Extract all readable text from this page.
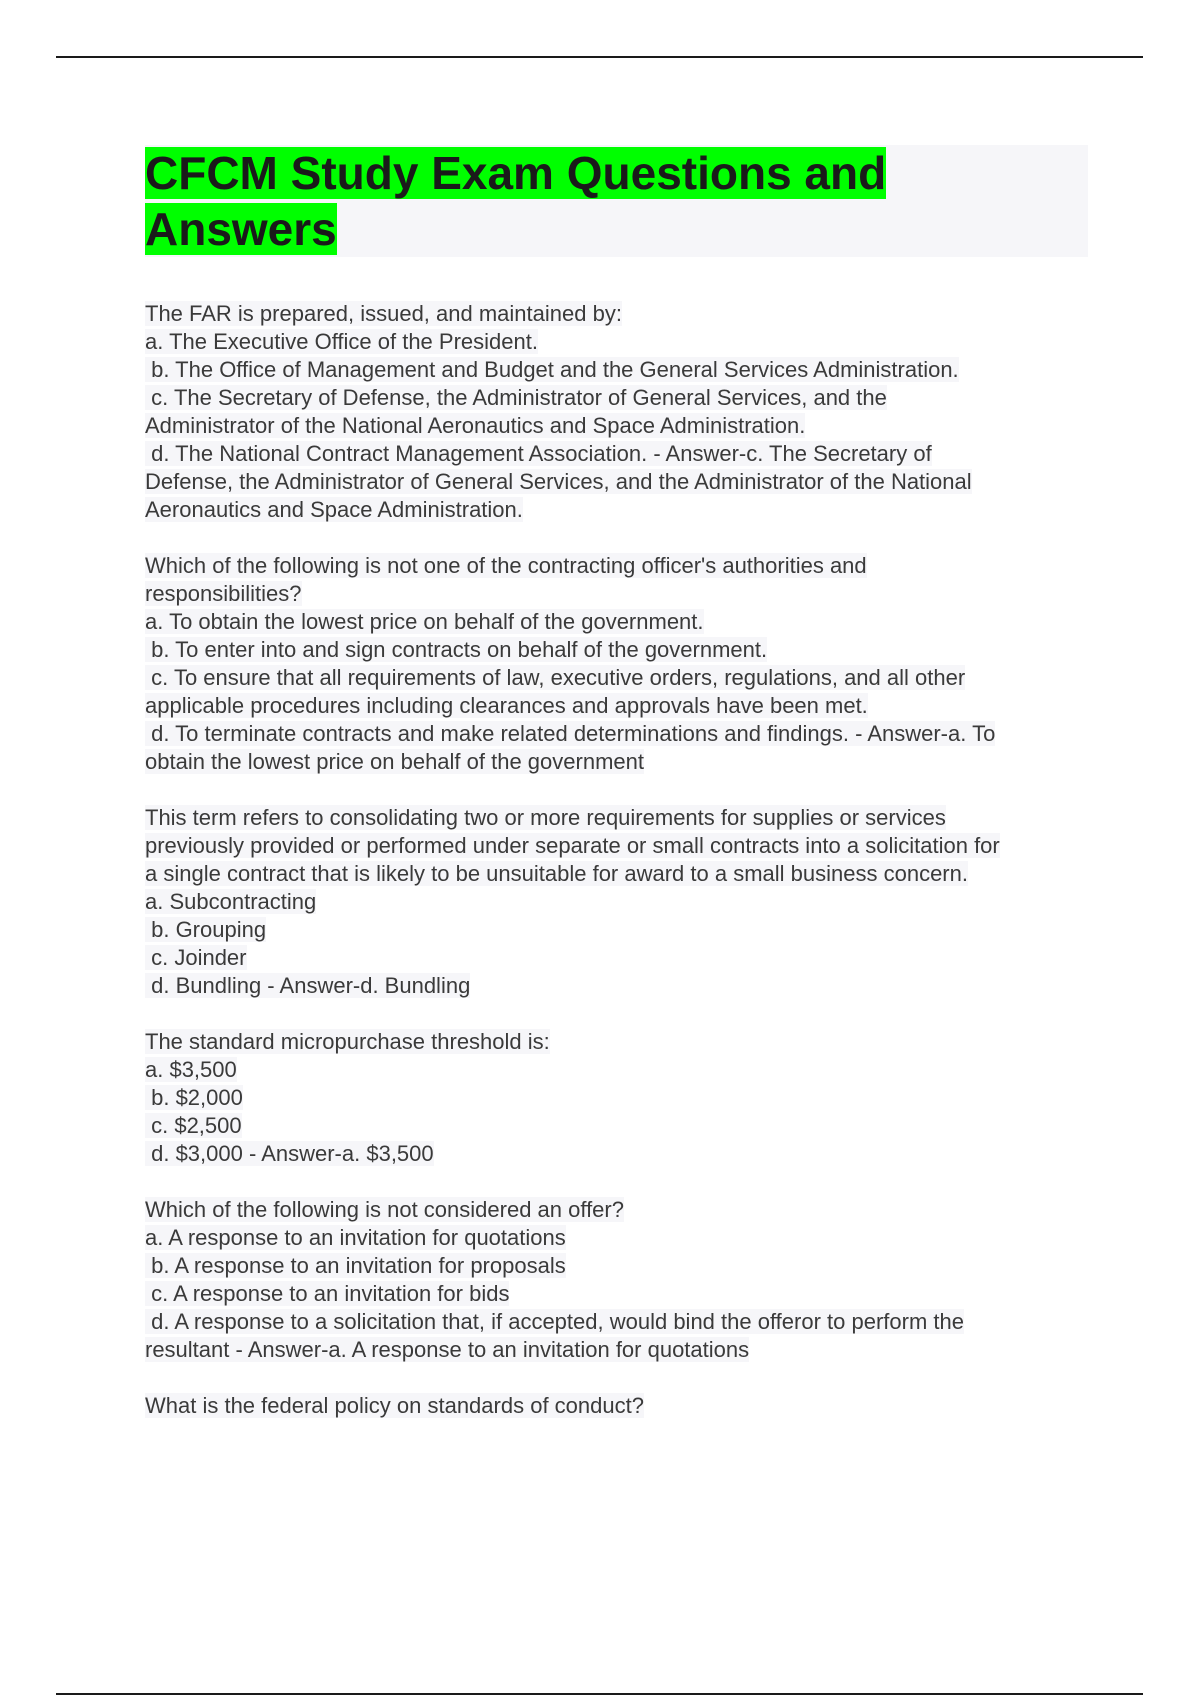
CFCM Study Exam Questions and
Answers
The FAR is prepared, issued, and maintained by:
a. The Executive Office of the President.
b. The Office of Management and Budget and the General Services Administration.
c. The Secretary of Defense, the Administrator of General Services, and the
Administrator of the National Aeronautics and Space Administration.
d. The National Contract Management Association. - Answer-c. The Secretary of
Defense, the Administrator of General Services, and the Administrator of the National
Aeronautics and Space Administration.
Which of the following is not one of the contracting officer's authorities and
responsibilities?
a. To obtain the lowest price on behalf of the government.
b. To enter into and sign contracts on behalf of the government.
c. To ensure that all requirements of law, executive orders, regulations, and all other
applicable procedures including clearances and approvals have been met.
d. To terminate contracts and make related determinations and findings. - Answer-a. To
obtain the lowest price on behalf of the government
This term refers to consolidating two or more requirements for supplies or services
previously provided or performed under separate or small contracts into a solicitation for
a single contract that is likely to be unsuitable for award to a small business concern.
a. Subcontracting
b. Grouping
c. Joinder
d. Bundling - Answer-d. Bundling
The standard micropurchase threshold is:
a. $3,500
b. $2,000
c. $2,500
d. $3,000 - Answer-a. $3,500
Which of the following is not considered an offer?
a. A response to an invitation for quotations
b. A response to an invitation for proposals
c. A response to an invitation for bids
d. A response to a solicitation that, if accepted, would bind the offeror to perform the
resultant - Answer-a. A response to an invitation for quotations
What is the federal policy on standards of conduct?
